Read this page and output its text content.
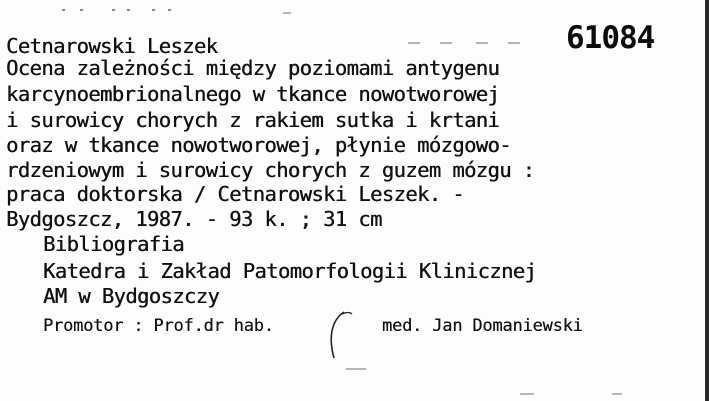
61084
Cetnarowski Leszek
Ocena zależności między poziomami antygenu
karcynoembrionalnego w tkance nowotworowej
i surowicy chorych z rakiem sutka i krtani
oraz w tkance nowotworowej, płynie mózgowo-
rdzeniowym i surowicy chorych z guzem mózgu :
praca doktorska / Cetnarowski Leszek. -
Bydgoszcz, 1987. - 93 k. ; 31 cm
Bibliografia
Katedra i Zakład Patomorfologii Klinicznej
AM w Bydgoszczy
Promotor : Prof.dr hab.	med. Jan Domaniewski
